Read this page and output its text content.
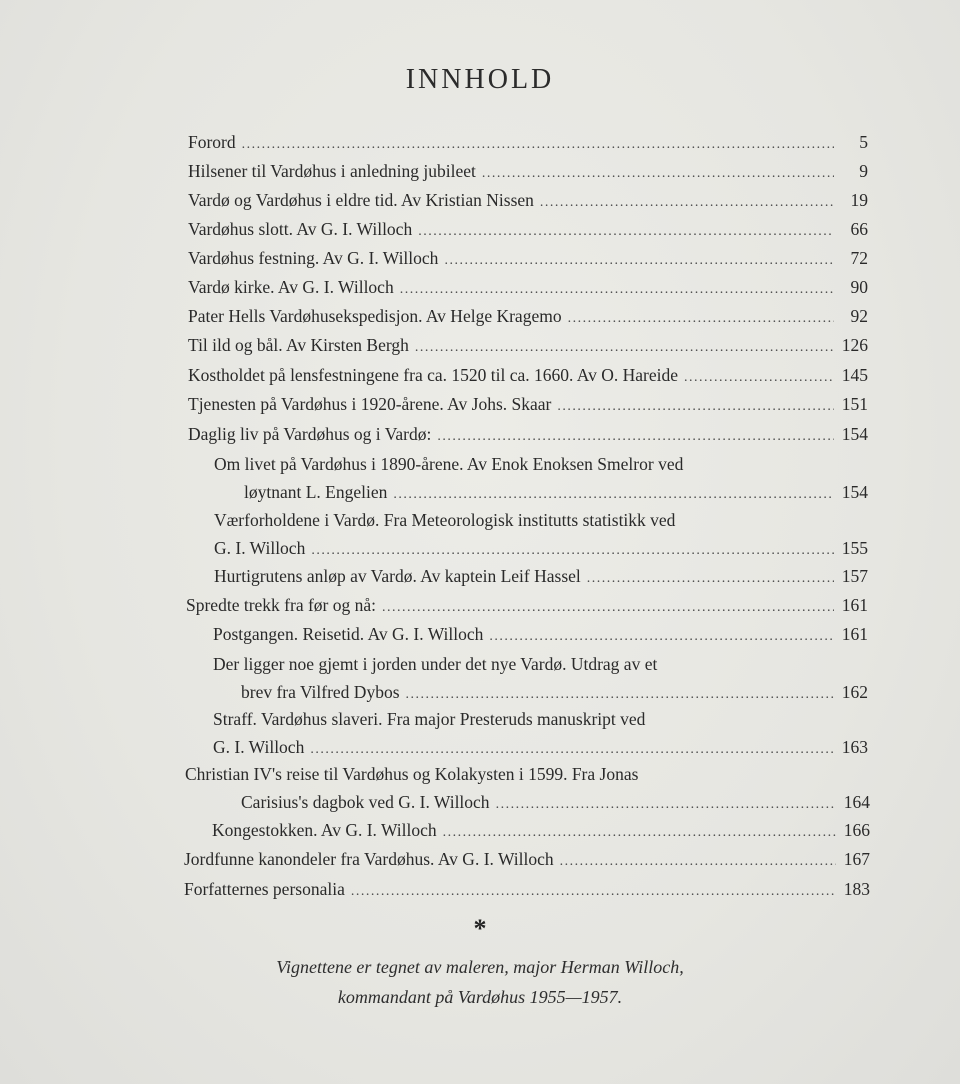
INNHOLD
Forord . . .	5
Hilsener til Vardøhus i anledning jubileet . . .	9
Vardø og Vardøhus i eldre tid. Av Kristian Nissen . . .	19
Vardøhus slott. Av G. I. Willoch . . .	66
Vardøhus festning. Av G. I. Willoch . . .	72
Vardø kirke. Av G. I. Willoch . . .	90
Pater Hells Vardøhusekspedisjon. Av Helge Kragemo . . .	92
Til ild og bål. Av Kirsten Bergh . . .	126
Kostholdet på lensfestningene fra ca. 1520 til ca. 1660. Av O. Hareide . . .	145
Tjenesten på Vardøhus i 1920-årene. Av Johs. Skaar . . .	151
Daglig liv på Vardøhus og i Vardø: . . .	154
Om livet på Vardøhus i 1890-årene. Av Enok Enoksen Smelror ved
løytnant L. Engelien . . .	154
Værforholdene i Vardø. Fra Meteorologisk institutts statistikk ved
G. I. Willoch . . .	155
Hurtigrutens anløp av Vardø. Av kaptein Leif Hassel . . .	157
Spredte trekk fra før og nå: . . .	161
Postgangen. Reisetid. Av G. I. Willoch . . .	161
Der ligger noe gjemt i jorden under det nye Vardø. Utdrag av et
brev fra Vilfred Dybos . . .	162
Straff. Vardøhus slaveri. Fra major Presteruds manuskript ved
G. I. Willoch . . .	163
Christian IV's reise til Vardøhus og Kolakysten i 1599. Fra Jonas
Carisius's dagbok ved G. I. Willoch . . .	164
Kongestokken. Av G. I. Willoch . . .	166
Jordfunne kanondeler fra Vardøhus. Av G. I. Willoch . . .	167
Forfatternes personalia . . .	183
*
Vignettene er tegnet av maleren, major Herman Willoch,
kommandant på Vardøhus 1955—1957.
